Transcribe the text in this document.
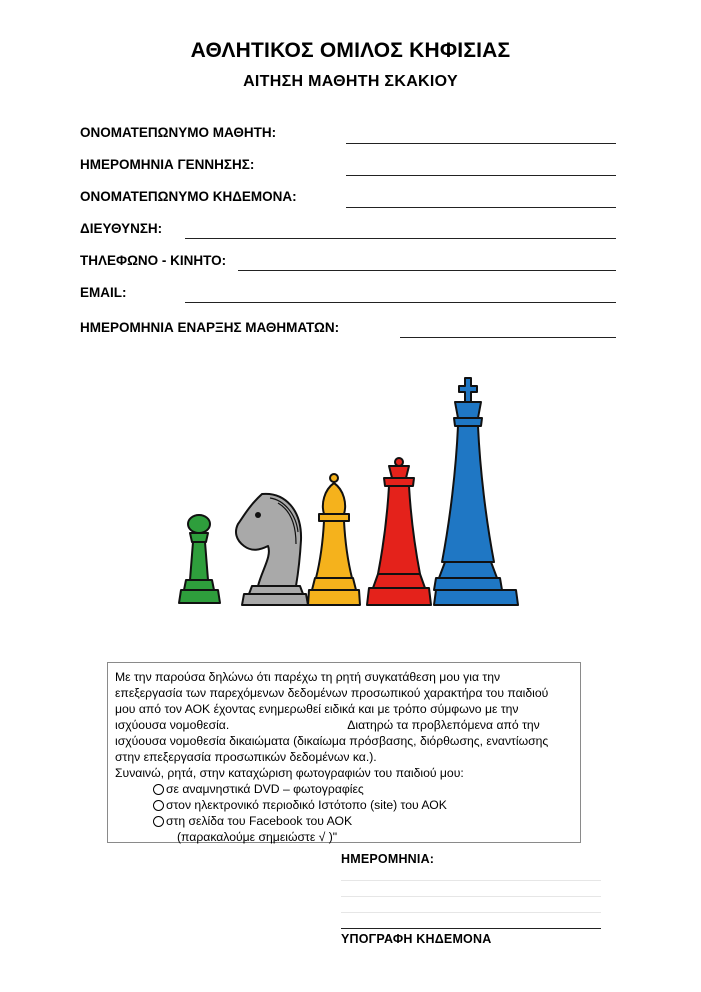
ΑΘΛΗΤΙΚΟΣ ΟΜΙΛΟΣ ΚΗΦΙΣΙΑΣ
ΑΙΤΗΣΗ ΜΑΘΗΤΗ ΣΚΑΚΙΟΥ
ΟΝΟΜΑΤΕΠΩΝΥΜΟ ΜΑΘΗΤΗ:
ΗΜΕΡΟΜΗΝΙΑ ΓΕΝΝΗΣΗΣ:
ΟΝΟΜΑΤΕΠΩΝΥΜΟ ΚΗΔΕΜΟΝΑ:
ΔΙΕΥΘΥΝΣΗ:
ΤΗΛΕΦΩΝΟ - ΚΙΝΗΤΟ:
EMAIL:
ΗΜΕΡΟΜΗΝΙΑ ΕΝΑΡΞΗΣ ΜΑΘΗΜΑΤΩΝ:
Με την παρούσα δηλώνω ότι παρέχω τη ρητή συγκατάθεση μου για την
επεξεργασία των παρεχόμενων δεδομένων προσωπικού χαρακτήρα του παιδιού
μου από τον ΑΟΚ έχοντας ενημερωθεί ειδικά και με τρόπο σύμφωνο με την
ισχύουσα νομοθεσία.	Διατηρώ τα προβλεπόμενα από την
ισχύουσα νομοθεσία δικαιώματα (δικαίωμα πρόσβασης, διόρθωσης, εναντίωσης
στην επεξεργασία προσωπικών δεδομένων κα.).
Συναινώ, ρητά, στην καταχώριση φωτογραφιών του παιδιού μου:
σε αναμνηστικά DVD – φωτογραφίες
στον ηλεκτρονικό περιοδικό Ιστότοπο (site) του ΑΟΚ
στη σελίδα του Facebook του ΑΟΚ
(παρακαλούμε σημειώστε √ )"
ΗΜΕΡΟΜΗΝΙΑ:
ΥΠΟΓΡΑΦΗ ΚΗΔΕΜΟΝΑ
